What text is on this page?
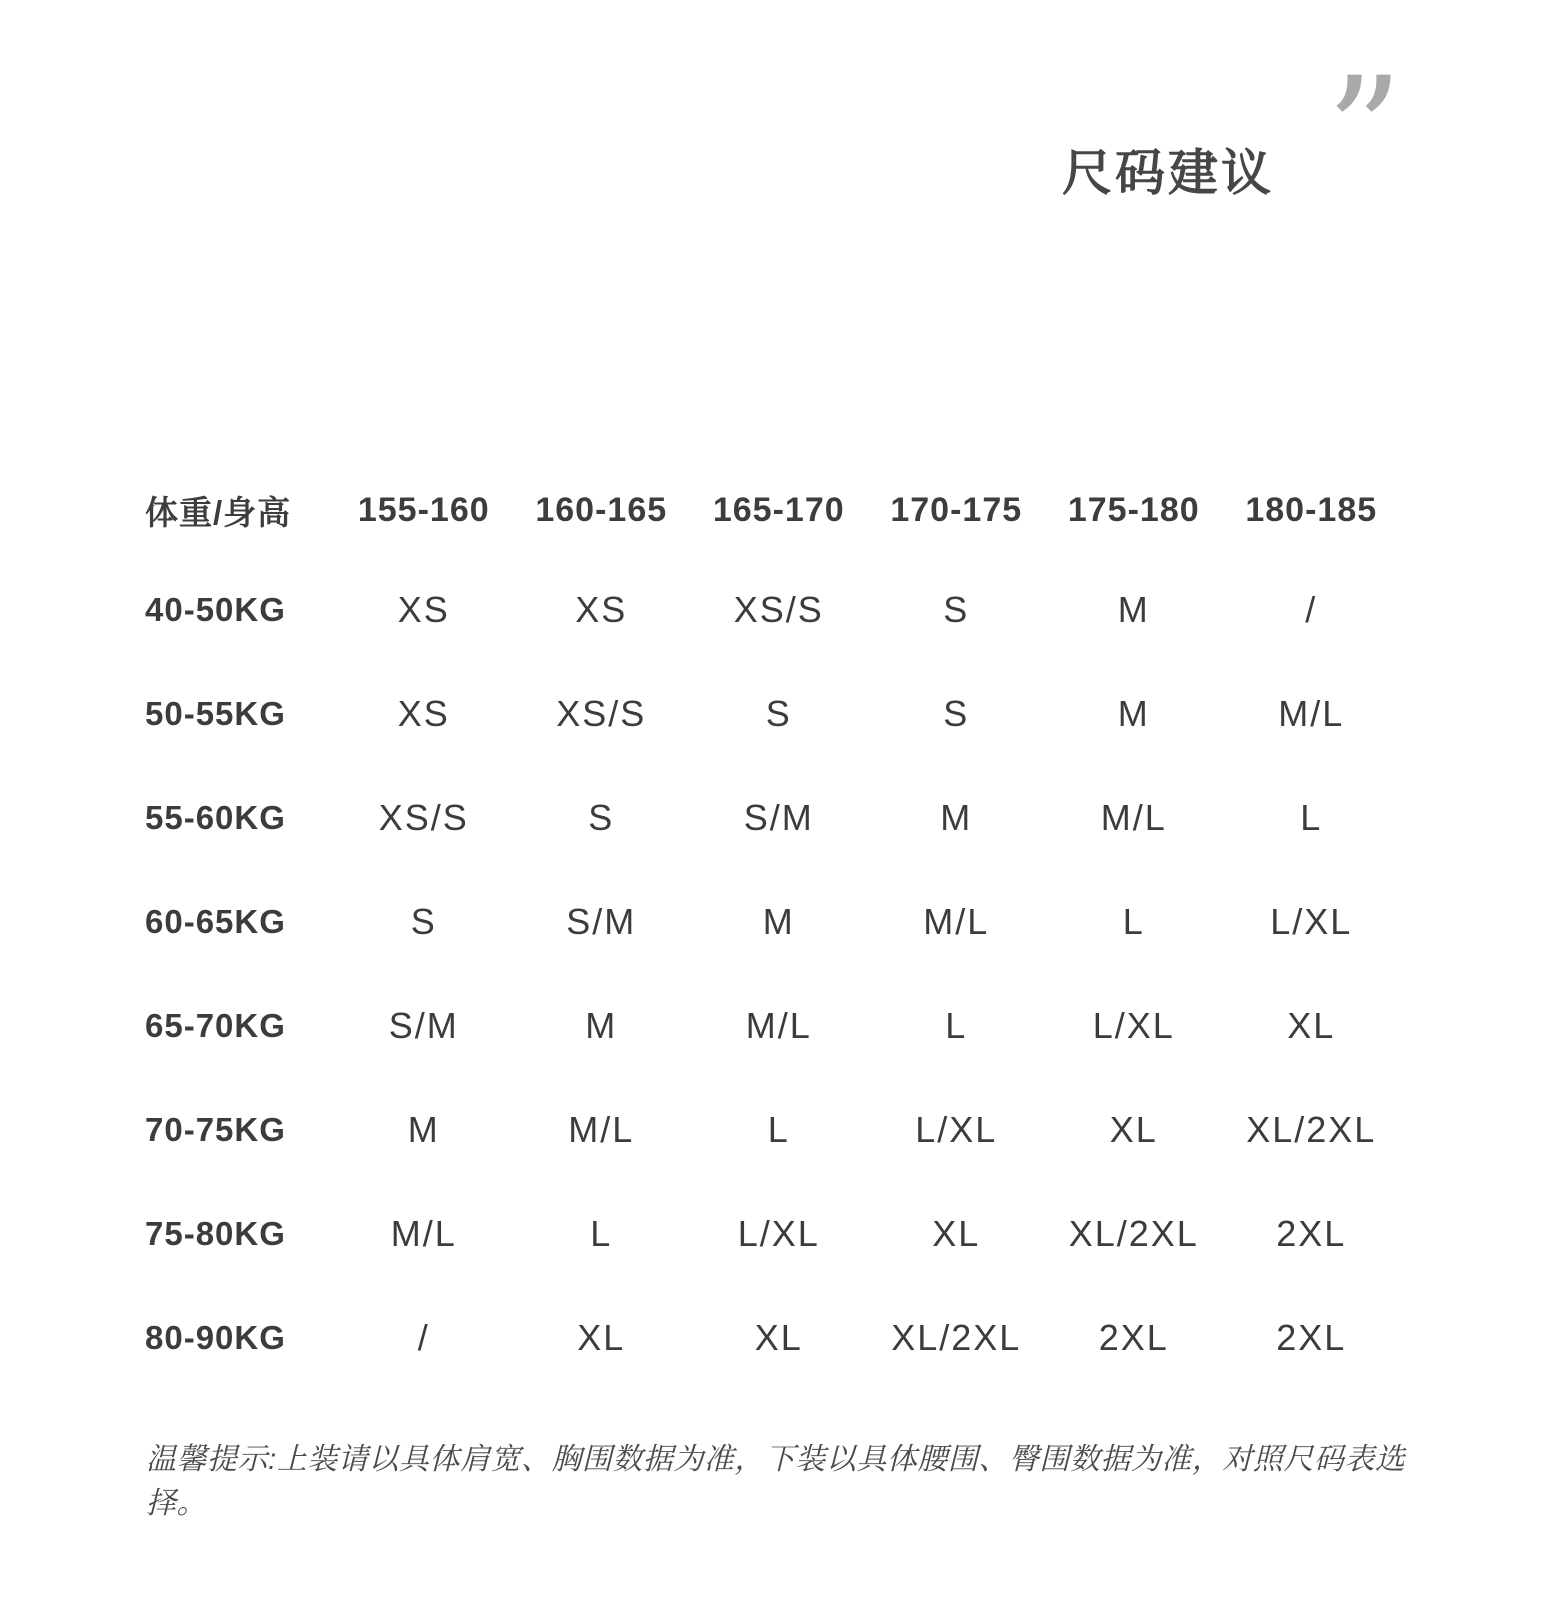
尺码建议 ”
体重/身高	155-160	160-165	165-170	170-175	175-180	180-185
40-50KG	XS	XS	XS/S	S	M	/
50-55KG	XS	XS/S	S	S	M	M/L
55-60KG	XS/S	S	S/M	M	M/L	L
60-65KG	S	S/M	M	M/L	L	L/XL
65-70KG	S/M	M	M/L	L	L/XL	XL
70-75KG	M	M/L	L	L/XL	XL	XL/2XL
75-80KG	M/L	L	L/XL	XL	XL/2XL	2XL
80-90KG	/	XL	XL	XL/2XL	2XL	2XL

温馨提示:上装请以具体肩宽、胸围数据为准，下装以具体腰围、臀围数据为准，对照尺码表选择。
